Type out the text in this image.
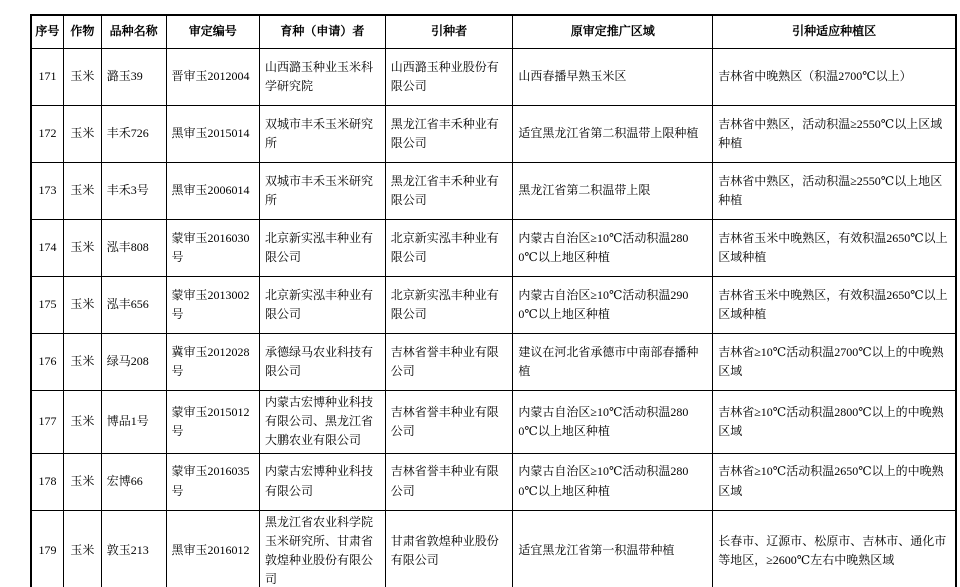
序号	作物	品种名称	审定编号	育种（申请）者	引种者	原审定推广区域	引种适应种植区
171	玉米	潞玉39	晋审玉2012004	山西潞玉种业玉米科学研究院	山西潞玉种业股份有限公司	山西春播早熟玉米区	吉林省中晚熟区（积温2700℃以上）
172	玉米	丰禾726	黑审玉2015014	双城市丰禾玉米研究所	黑龙江省丰禾种业有限公司	适宜黑龙江省第二积温带上限种植	吉林省中熟区，活动积温≥2550℃以上区域种植
173	玉米	丰禾3号	黑审玉2006014	双城市丰禾玉米研究所	黑龙江省丰禾种业有限公司	黑龙江省第二积温带上限	吉林省中熟区，活动积温≥2550℃以上地区种植
174	玉米	泓丰808	蒙审玉2016030号	北京新实泓丰种业有限公司	北京新实泓丰种业有限公司	内蒙古自治区≥10℃活动积温2800℃以上地区种植	吉林省玉米中晚熟区，有效积温2650℃以上区域种植
175	玉米	泓丰656	蒙审玉2013002号	北京新实泓丰种业有限公司	北京新实泓丰种业有限公司	内蒙古自治区≥10℃活动积温2900℃以上地区种植	吉林省玉米中晚熟区，有效积温2650℃以上区域种植
176	玉米	绿马208	冀审玉2012028号	承德绿马农业科技有限公司	吉林省誉丰种业有限公司	建议在河北省承德市中南部春播种植	吉林省≥10℃活动积温2700℃以上的中晚熟区域
177	玉米	博品1号	蒙审玉2015012号	内蒙古宏博种业科技有限公司、黑龙江省大鹏农业有限公司	吉林省誉丰种业有限公司	内蒙古自治区≥10℃活动积温2800℃以上地区种植	吉林省≥10℃活动积温2800℃以上的中晚熟区域
178	玉米	宏博66	蒙审玉2016035号	内蒙古宏博种业科技有限公司	吉林省誉丰种业有限公司	内蒙古自治区≥10℃活动积温2800℃以上地区种植	吉林省≥10℃活动积温2650℃以上的中晚熟区域
179	玉米	敦玉213	黑审玉2016012	黑龙江省农业科学院玉米研究所、甘肃省敦煌种业股份有限公司	甘肃省敦煌种业股份有限公司	适宜黑龙江省第一积温带种植	长春市、辽源市、松原市、吉林市、通化市等地区，≥2600℃左右中晚熟区域
